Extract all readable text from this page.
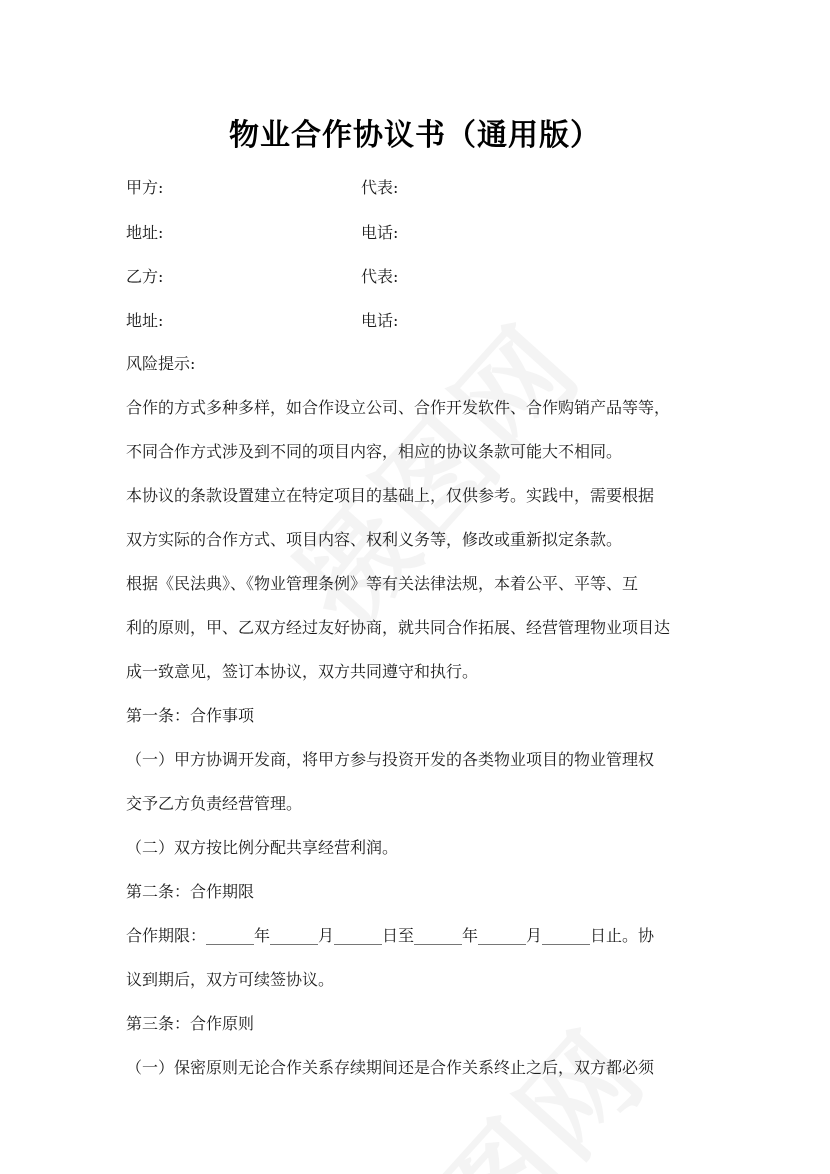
物业合作协议书（通用版）
甲方:	代表:
地址:	电话:
乙方:	代表:
地址:	电话:
风险提示:
合作的方式多种多样，如合作设立公司、合作开发软件、合作购销产品等等，
不同合作方式涉及到不同的项目内容，相应的协议条款可能大不相同。
本协议的条款设置建立在特定项目的基础上，仅供参考。实践中，需要根据
双方实际的合作方式、项目内容、权利义务等，修改或重新拟定条款。
根据《民法典》、《物业管理条例》等有关法律法规，本着公平、平等、互
利的原则，甲、乙双方经过友好协商，就共同合作拓展、经营管理物业项目达
成一致意见，签订本协议，双方共同遵守和执行。
第一条：合作事项
（一）甲方协调开发商，将甲方参与投资开发的各类物业项目的物业管理权
交予乙方负责经营管理。
（二）双方按比例分配共享经营利润。
第二条：合作期限
合作期限：______年______月______日至______年______月______日止。协
议到期后，双方可续签协议。
第三条：合作原则
（一）保密原则无论合作关系存续期间还是合作关系终止之后，双方都必须
